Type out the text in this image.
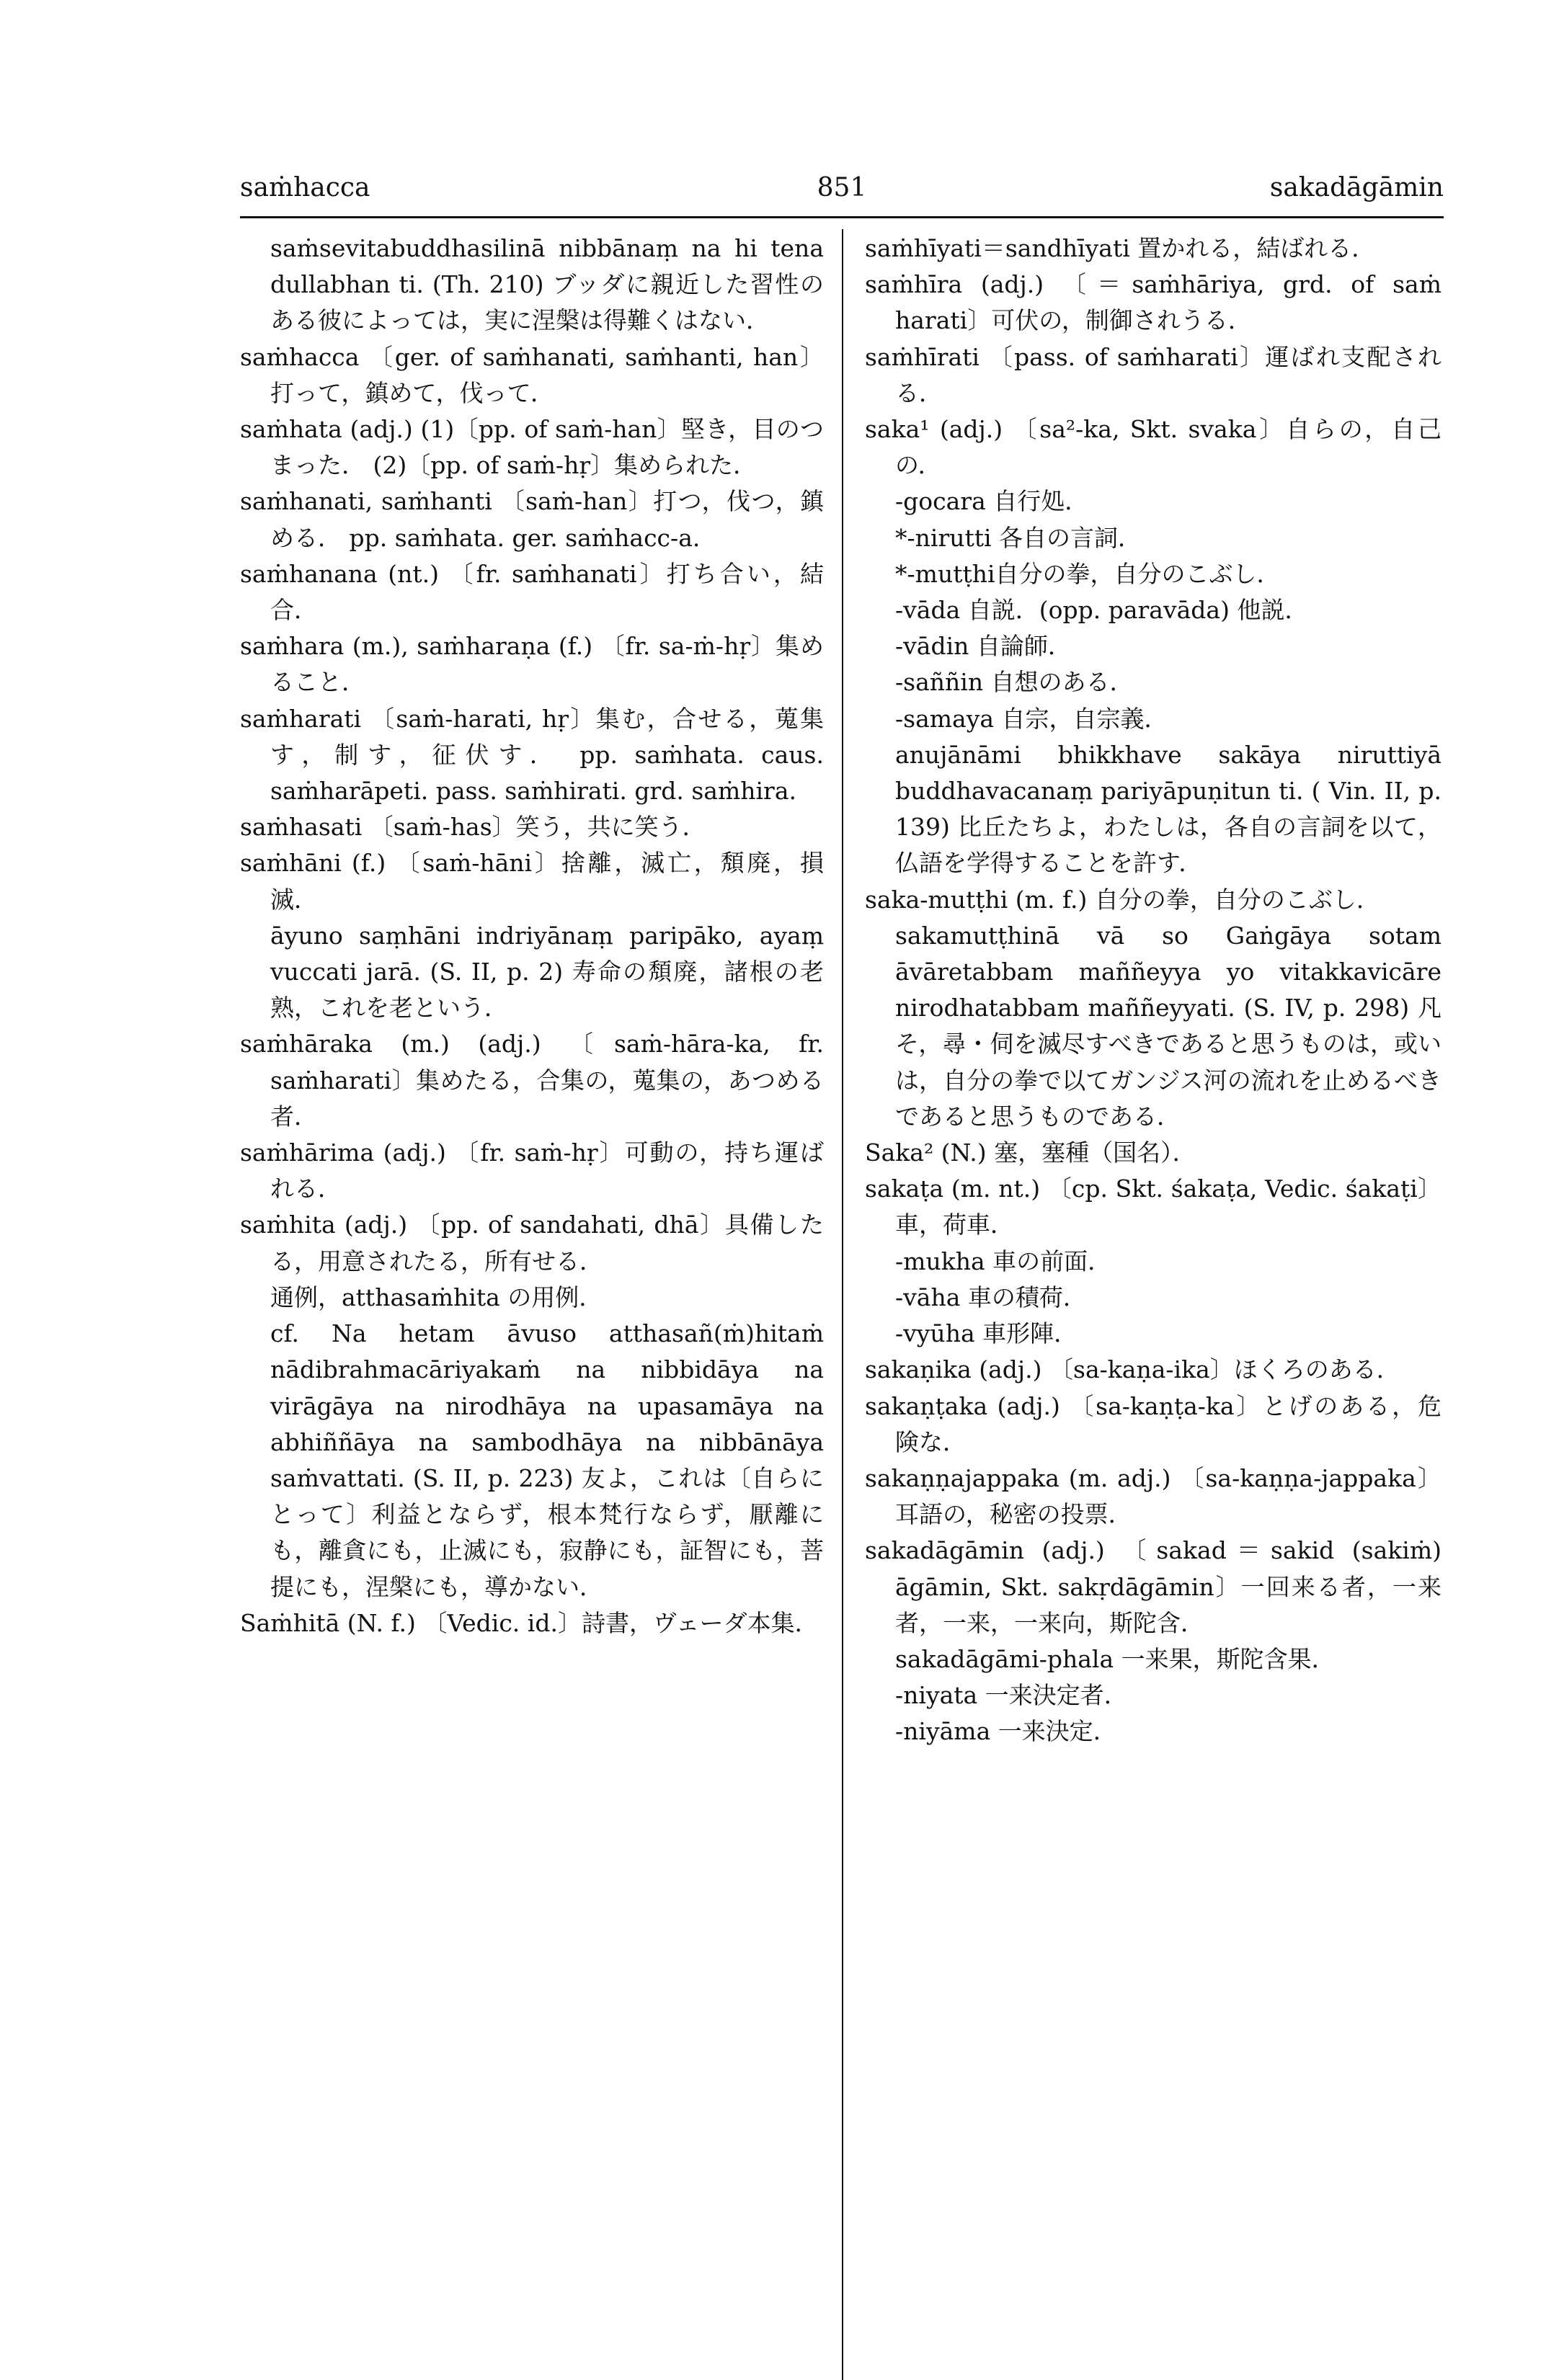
saṁhacca	851	sakadāgāmin
saṁsevitabuddhasilinā nibbānaṃ na hi tena dullabhan ti. (Th. 210) ブッダに親近した習性のある彼によっては，実に涅槃は得難くはない．
saṁhacca 〔ger. of saṁhanati, saṁhanti, han〕打って，鎮めて，伐って．
saṁhata (adj.) (1)〔pp. of saṁ-han〕堅き，目のつまった． (2)〔pp. of saṁ-hṛ〕集められた．
saṁhanati, saṁhanti 〔saṁ-han〕打つ，伐つ，鎮める． pp. saṁhata. ger. saṁhacc-a.
saṁhanana (nt.) 〔fr. saṁhanati〕打ち合い，結合．
saṁhara (m.), saṁharaṇa (f.) 〔fr. sa-ṁ-hṛ〕集めること．
saṁharati 〔saṁ-harati, hṛ〕集む，合せる，蒐集す，制す，征伏す． pp. saṁhata. caus. saṁharāpeti. pass. saṁhirati. grd. saṁhira.
saṁhasati 〔saṁ-has〕笑う，共に笑う．
saṁhāni (f.) 〔saṁ-hāni〕捨離，滅亡，頽廃，損滅．
āyuno saṃhāni indriyānaṃ paripāko, ayaṃ vuccati jarā. (S. II, p. 2) 寿命の頽廃，諸根の老熟，これを老という．
saṁhāraka (m.) (adj.) 〔saṁ-hāra-ka, fr. saṁharati〕集めたる，合集の，蒐集の，あつめる者．
saṁhārima (adj.) 〔fr. saṁ-hṛ〕可動の，持ち運ばれる．
saṁhita (adj.) 〔pp. of sandahati, dhā〕具備したる，用意されたる，所有せる．
通例，atthasaṁhita の用例．
cf. Na hetam āvuso atthasañ(ṁ)hitaṁ nādibrahmacāriyakaṁ na nibbidāya na virāgāya na nirodhāya na upasamāya na abhiññāya na sambodhāya na nibbānāya saṁvattati. (S. II, p. 223) 友よ，これは〔自らにとって〕利益とならず，根本梵行ならず，厭離にも，離貪にも，止滅にも，寂静にも，証智にも，菩提にも，涅槃にも，導かない．
Saṁhitā (N. f.) 〔Vedic. id.〕詩書，ヴェーダ本集．
saṁhīyati＝sandhīyati 置かれる，結ばれる．
saṁhīra (adj.) 〔＝saṁhāriya, grd. of saṁ harati〕可伏の，制御されうる．
saṁhīrati 〔pass. of saṁharati〕運ばれ支配される．
saka¹ (adj.) 〔sa²-ka, Skt. svaka〕自らの，自己の．
-gocara 自行処．
*-nirutti 各自の言詞．
*-mutṭhi自分の拳，自分のこぶし．
-vāda 自説．(opp. paravāda) 他説．
-vādin 自論師．
-saññin 自想のある．
-samaya 自宗，自宗義．
anujānāmi bhikkhave sakāya niruttiyā buddhavacanaṃ pariyāpuṇitun ti. ( Vin. II, p. 139) 比丘たちよ，わたしは，各自の言詞を以て，仏語を学得することを許す．
saka-mutṭhi (m. f.) 自分の拳，自分のこぶし．
sakamutṭhinā vā so Gaṅgāya sotam āvāretabbam maññeyya yo vitakkavicāre nirodhatabbam maññeyyati. (S. IV, p. 298) 凡そ，尋・伺を滅尽すべきであると思うものは，或いは，自分の拳で以てガンジス河の流れを止めるべきであると思うものである．
Saka² (N.) 塞，塞種（国名）．
sakaṭa (m. nt.) 〔cp. Skt. śakaṭa, Vedic. śakaṭi〕車，荷車．
-mukha 車の前面．
-vāha 車の積荷．
-vyūha 車形陣．
sakaṇika (adj.) 〔sa-kaṇa-ika〕ほくろのある．
sakaṇṭaka (adj.) 〔sa-kaṇṭa-ka〕とげのある，危険な．
sakaṇṇajappaka (m. adj.) 〔sa-kaṇṇa-jappaka〕耳語の，秘密の投票．
sakadāgāmin (adj.) 〔sakad＝sakid (sakiṁ) āgāmin, Skt. sakṛdāgāmin〕一回来る者，一来者，一来，一来向，斯陀含．
sakadāgāmi-phala 一来果，斯陀含果．
-niyata 一来決定者．
-niyāma 一来決定．
